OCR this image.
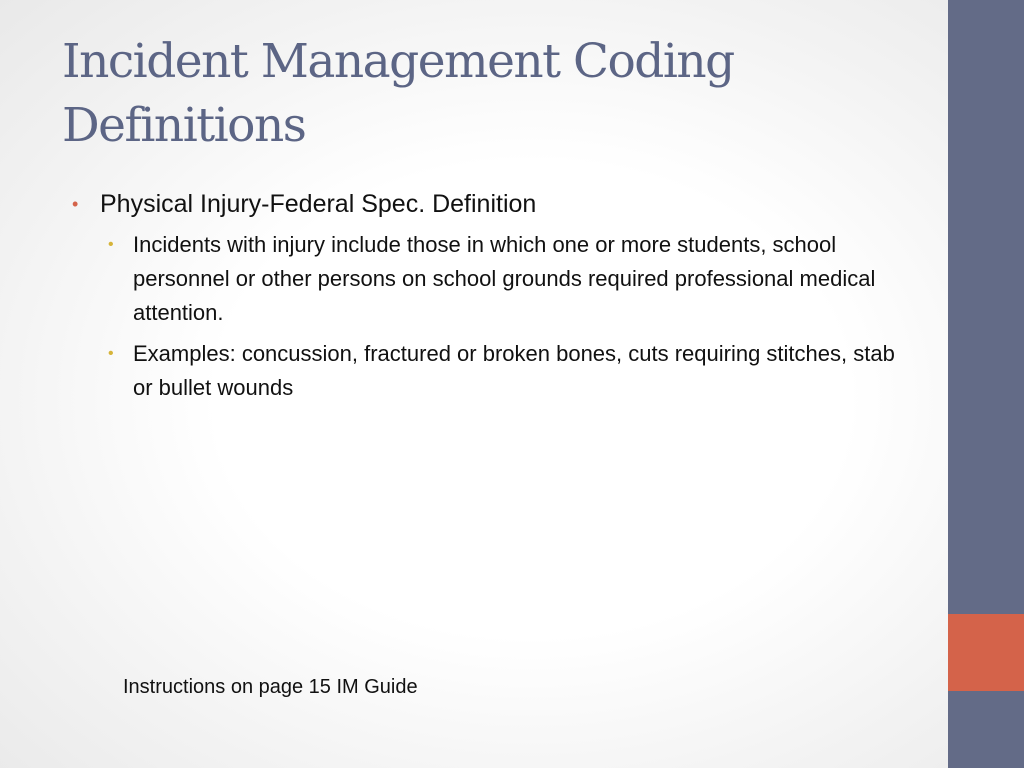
Incident Management Coding Definitions
• Physical Injury-Federal Spec. Definition
• Incidents with injury include those in which one or more students, school personnel or other persons on school grounds required professional medical attention.
• Examples: concussion, fractured or broken bones, cuts requiring stitches, stab or bullet wounds
Instructions on page 15 IM Guide
